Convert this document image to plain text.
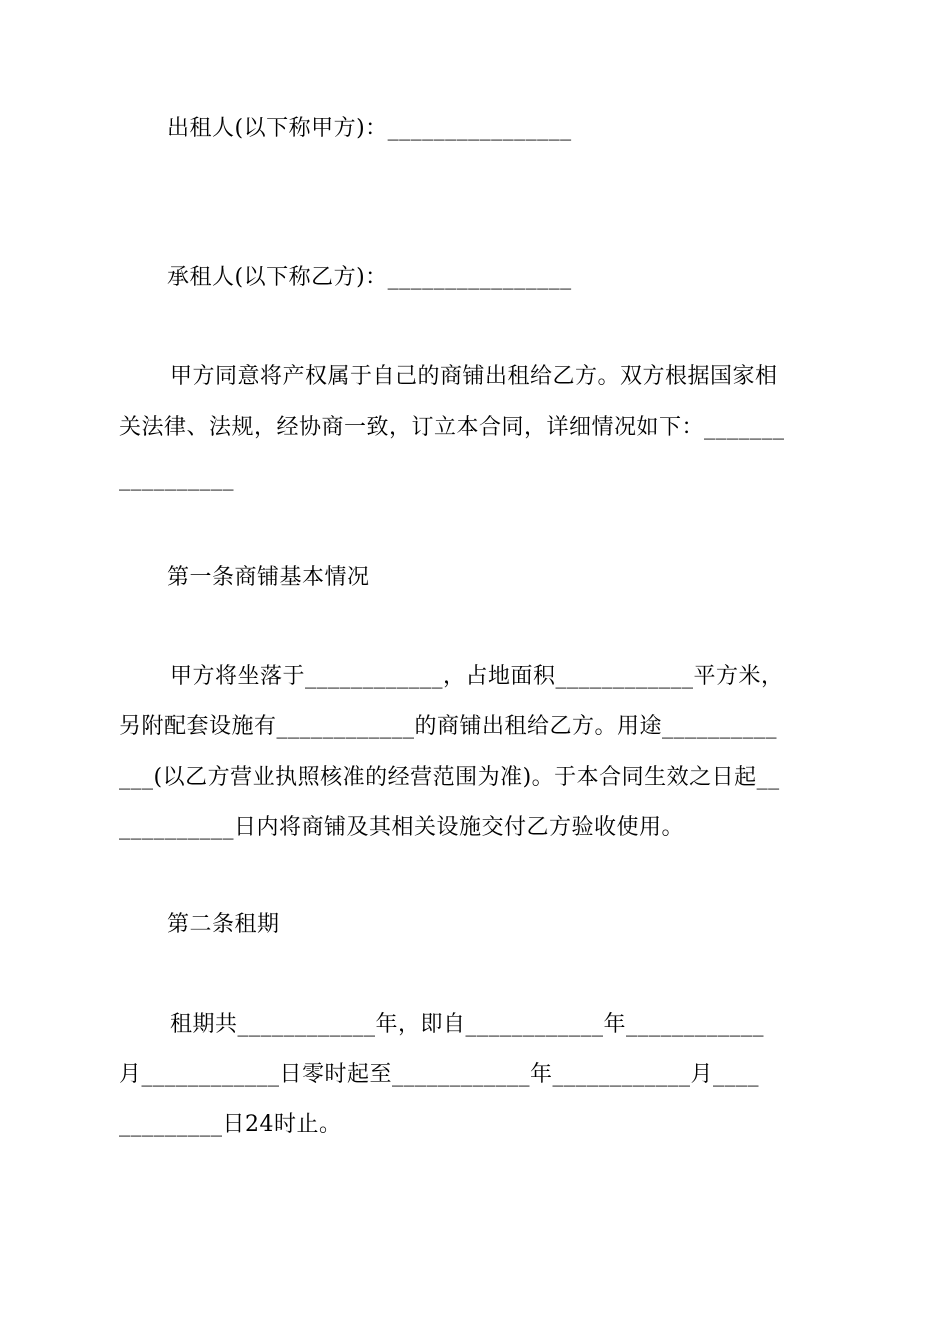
出租人(以下称甲方)：________________
承租人(以下称乙方)：________________
甲方同意将产权属于自己的商铺出租给乙方。双方根据国家相
关法律、法规，经协商一致，订立本合同，详细情况如下：_______
__________
第一条商铺基本情况
甲方将坐落于____________，占地面积____________平方米，
另附配套设施有____________的商铺出租给乙方。用途__________
___(以乙方营业执照核准的经营范围为准)。于本合同生效之日起__
__________日内将商铺及其相关设施交付乙方验收使用。
第二条租期
租期共____________年，即自____________年____________
月____________日零时起至____________年____________月____
_________日24时止。
